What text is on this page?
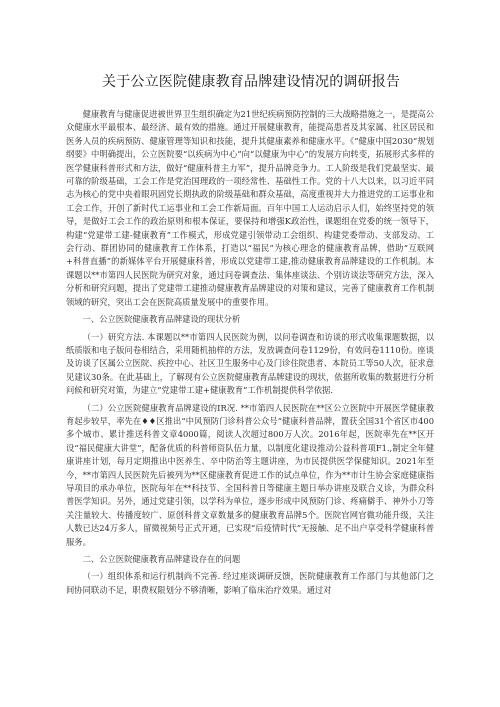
关于公立医院健康教育品牌建设情况的调研报告

健康教育与健康促进被世界卫生组织确定为21世纪疾病预防控制的三大战略措施之一，是提高公众健康水平最根本、最经济、最有效的措施。通过开展健康教育，能提高患者及其家属、社区居民和医务人员的疾病预防、健康管理等知识和技能，提升其健康素养和健康水平。《“健康中国2030”规划纲要》中明确提出，公立医院要“以疾病为中心”向“以健康为中心”的发展方向转变，拓展形式多样的医学健康科普形式和方法，做好“健康科普主力军”，提升品牌竞争力。工人阶级是我们党最坚实、最可靠的阶级基础，工会工作是党治国理政的一项经常性、基础性工作。党的十八大以来，以习近平同志为核心的党中央着眼巩固党长期执政的阶级基础和群众基础，高度重视并大力推进党的工运事业和工会工作，开创了新时代工运事业和工会工作新局面。百年中国工人运动启示人们，始终坚持党的领导，是做好工会工作的政治原则和根本保证，要保持和增强K政治性，课题组在党委的统一领导下，构建“党建带工建-健康教育”工作模式，形成党建引领带动工会组织、构建党委带动、支部发动、工会行动、群团协同的健康教育工作体系，打造以“福民”为核心理念的健康教育品牌，借助“互联网+科普直播”的新媒体平台开展健康科普，形成以党建带工建,推动健康教育品牌建设的工作机制。本课题以**市第四人民医院为研究对象，通过问卷调查法、集体座谈法、个别访谈法等研究方法，深入分析和研究问题，提出了党建带工建推动健康教育品牌建设的对策和建议，完善了健康教育工作机制领域的研究，突出工会在医院高质量发展中的重要作用。

一、公立医院健康教育品牌建设的现状分析

（一）研究方法. 本课题以**市第四人民医院为例，以问卷调查和访谈的形式收集课题数据，以纸质版和电子版问卷相结合，采用随机抽样的方法，发放调查问卷1129份，有效问卷1110份。座谈及访谈了区属公立医院、疾控中心、社区卫生服务中心及门诊住院患者、本院员工等50人次，征求意见建议30条。在此基础上，了解现有公立医院健康教育品牌建设的现状，依据所收集的数据进行分析问候和研究对策，为建立“党建带工建+健康教育”工作机制提供科学依据.

（二）公立医院健康教育品牌建设的IR况. **市第四人民医院在**区公立医院中开展医学健康教育起步较早，率先在♦♦区推出“中风预防门诊科普公众号”健康科普品牌，置获全国31个省区市400多个城市、累计推送科普文章4000篇，阅读人次超过800万人次。2016年起，医院率先在**区开设“福民健康大讲堂”，配备优质的科普师资队伍力量，以制度化建设推动公益科普项F1.,制定全年健康讲座计划，每月定期推出中医养生、卒中防治等主题讲座，为市民提供医学保健知识。2021年至今，**市第四人民医院先后被列为**区健康教育促进工作的试点单位，作为**市计生协会家庭健康指导项目的承办单位，医院每年在**科技节、全国科普日等健康主题日举办讲座及联合义诊，为群众科普医学知识。另外，通过党建引领，以学科为单位，逐步形成中风预防门诊、疼痛僻手、神外小刀等关注量较大、传播度较广、原创科普文章数量多的健康教育品牌5个。医院官网官微功能升级，关注人数已达24万多人，留微视频号正式开通，已实现“后疫情时代”无接触、足不出户享受科学健康科普服务。

二、公立医院健康教育品牌建设存在的问题

（一）组织体系和运行机制尚不完善. 经过座谈调研反馈，医院健康教育工作部门与其他部门之间协同联动不足，职费权限划分不够清晰，影响了临床治疗效果。通过对
